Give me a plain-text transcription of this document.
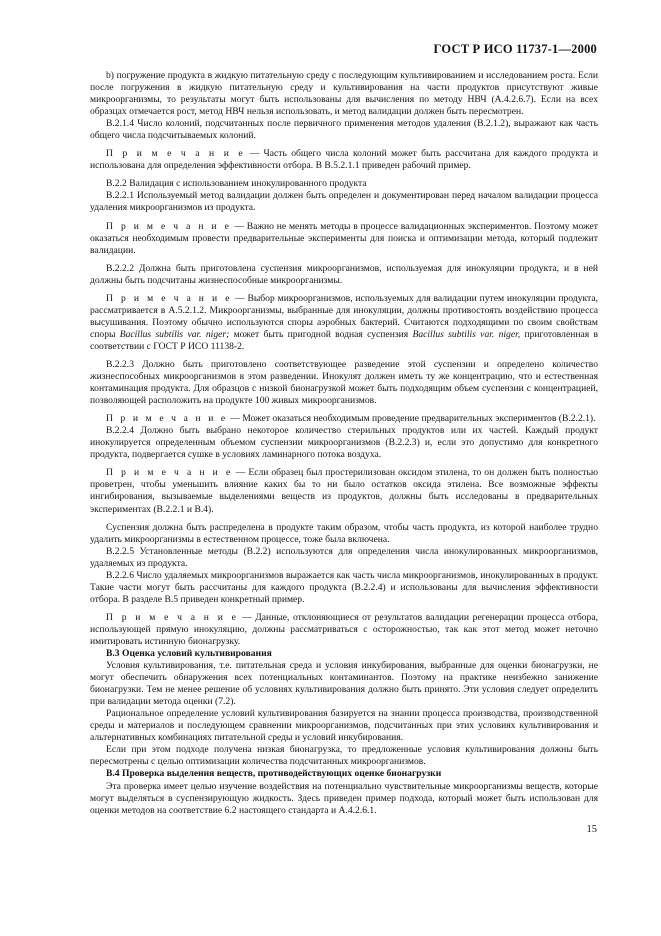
ГОСТ Р ИСО 11737-1—2000

b) погружение продукта в жидкую питательную среду с последующим культивированием и исследованием роста. Если после погружения в жидкую питательную среду и культивирования на части продуктов присутствуют живые микроорганизмы, то результаты могут быть использованы для вычисления по методу НВЧ (А.4.2.6.7). Если на всех образцах отмечается рост, метод НВЧ нельзя использовать, и метод валидации должен быть пересмотрен.

В.2.1.4 Число колоний, подсчитанных после первичного применения методов удаления (В.2.1.2), выражают как часть общего числа подсчитываемых колоний.

П р и м е ч а н и е — Часть общего числа колоний может быть рассчитана для каждого продукта и использована для определения эффективности отбора. В В.5.2.1.1 приведен рабочий пример.

В.2.2 Валидация с использованием инокулированного продукта

В.2.2.1 Используемый метод валидации должен быть определен и документирован перед началом валидации процесса удаления микроорганизмов из продукта.

П р и м е ч а н и е — Важно не менять методы в процессе валидационных экспериментов. Поэтому может оказаться необходимым провести предварительные эксперименты для поиска и оптимизации метода, который подлежит валидации.

В.2.2.2 Должна быть приготовлена суспензия микроорганизмов, используемая для инокуляции продукта, и в ней должны быть подсчитаны жизнеспособные микроорганизмы.

П р и м е ч а н и е — Выбор микроорганизмов, используемых для валидации путем инокуляции продукта, рассматривается в А.5.2.1.2. Микроорганизмы, выбранные для инокуляции, должны противостоять воздействию процесса высушивания. Поэтому обычно используются споры аэробных бактерий. Считаются подходящими по своим свойствам споры Bacillus subtilis var. niger; может быть пригодной водная суспензия Bacillus subtilis var. niger, приготовленная в соответствии с ГОСТ Р ИСО 11138-2.

В.2.2.3 Должно быть приготовлено соответствующее разведение этой суспензии и определено количество жизнеспособных микроорганизмов в этом разведении. Инокулят должен иметь ту же концентрацию, что и естественная контаминация продукта. Для образцов с низкой бионагрузкой может быть подходящим объем суспензии с концентрацией, позволяющей расположить на продукте 100 живых микроорганизмов.

П р и м е ч а н и е — Может оказаться необходимым проведение предварительных экспериментов (В.2.2.1).

В.2.2.4 Должно быть выбрано некоторое количество стерильных продуктов или их частей. Каждый продукт инокулируется определенным объемом суспензии микроорганизмов (В.2.2.3) и, если это допустимо для конкретного продукта, подвергается сушке в условиях ламинарного потока воздуха.

П р и м е ч а н и е — Если образец был простерилизован оксидом этилена, то он должен быть полностью проветрен, чтобы уменьшить влияние каких бы то ни было остатков оксида этилена. Все возможные эффекты ингибирования, вызываемые выделениями веществ из продуктов, должны быть исследованы в предварительных экспериментах (В.2.2.1 и В.4).

Суспензия должна быть распределена в продукте таким образом, чтобы часть продукта, из которой наиболее трудно удалить микроорганизмы в естественном процессе, тоже была включена.

В.2.2.5 Установленные методы (В.2.2) используются для определения числа инокулированных микроорганизмов, удаляемых из продукта.

В.2.2.6 Число удаляемых микроорганизмов выражается как часть числа микроорганизмов, инокулированных в продукт. Такие части могут быть рассчитаны для каждого продукта (В.2.2.4) и использованы для вычисления эффективности отбора. В разделе В.5 приведен конкретный пример.

П р и м е ч а н и е — Данные, отклоняющиеся от результатов валидации регенерации процесса отбора, использующей прямую инокуляцию, должны рассматриваться с осторожностью, так как этот метод может неточно имитировать истинную бионагрузку.

В.3 Оценка условий культивирования

Условия культивирования, т.е. питательная среда и условия инкубирования, выбранные для оценки бионагрузки, не могут обеспечить обнаружения всех потенциальных контаминантов. Поэтому на практике неизбежно занижение бионагрузки. Тем не менее решение об условиях культивирования должно быть принято. Эти условия следует определить при валидации метода оценки (7.2).

Рациональное определение условий культивирования базируется на знании процесса производства, производственной среды и материалов и последующем сравнении микроорганизмов, подсчитанных при этих условиях культивирования и альтернативных комбинациях питательной среды и условий инкубирования.

Если при этом подходе получена низкая бионагрузка, то предложенные условия культивирования должны быть пересмотрены с целью оптимизации количества подсчитанных микроорганизмов.

В.4 Проверка выделения веществ, противодействующих оценке бионагрузки

Эта проверка имеет целью изучение воздействия на потенциально чувствительные микроорганизмы веществ, которые могут выделяться в суспензирующую жидкость. Здесь приведен пример подхода, который может быть использован для оценки методов на соответствие 6.2 настоящего стандарта и А.4.2.6.1.

15
